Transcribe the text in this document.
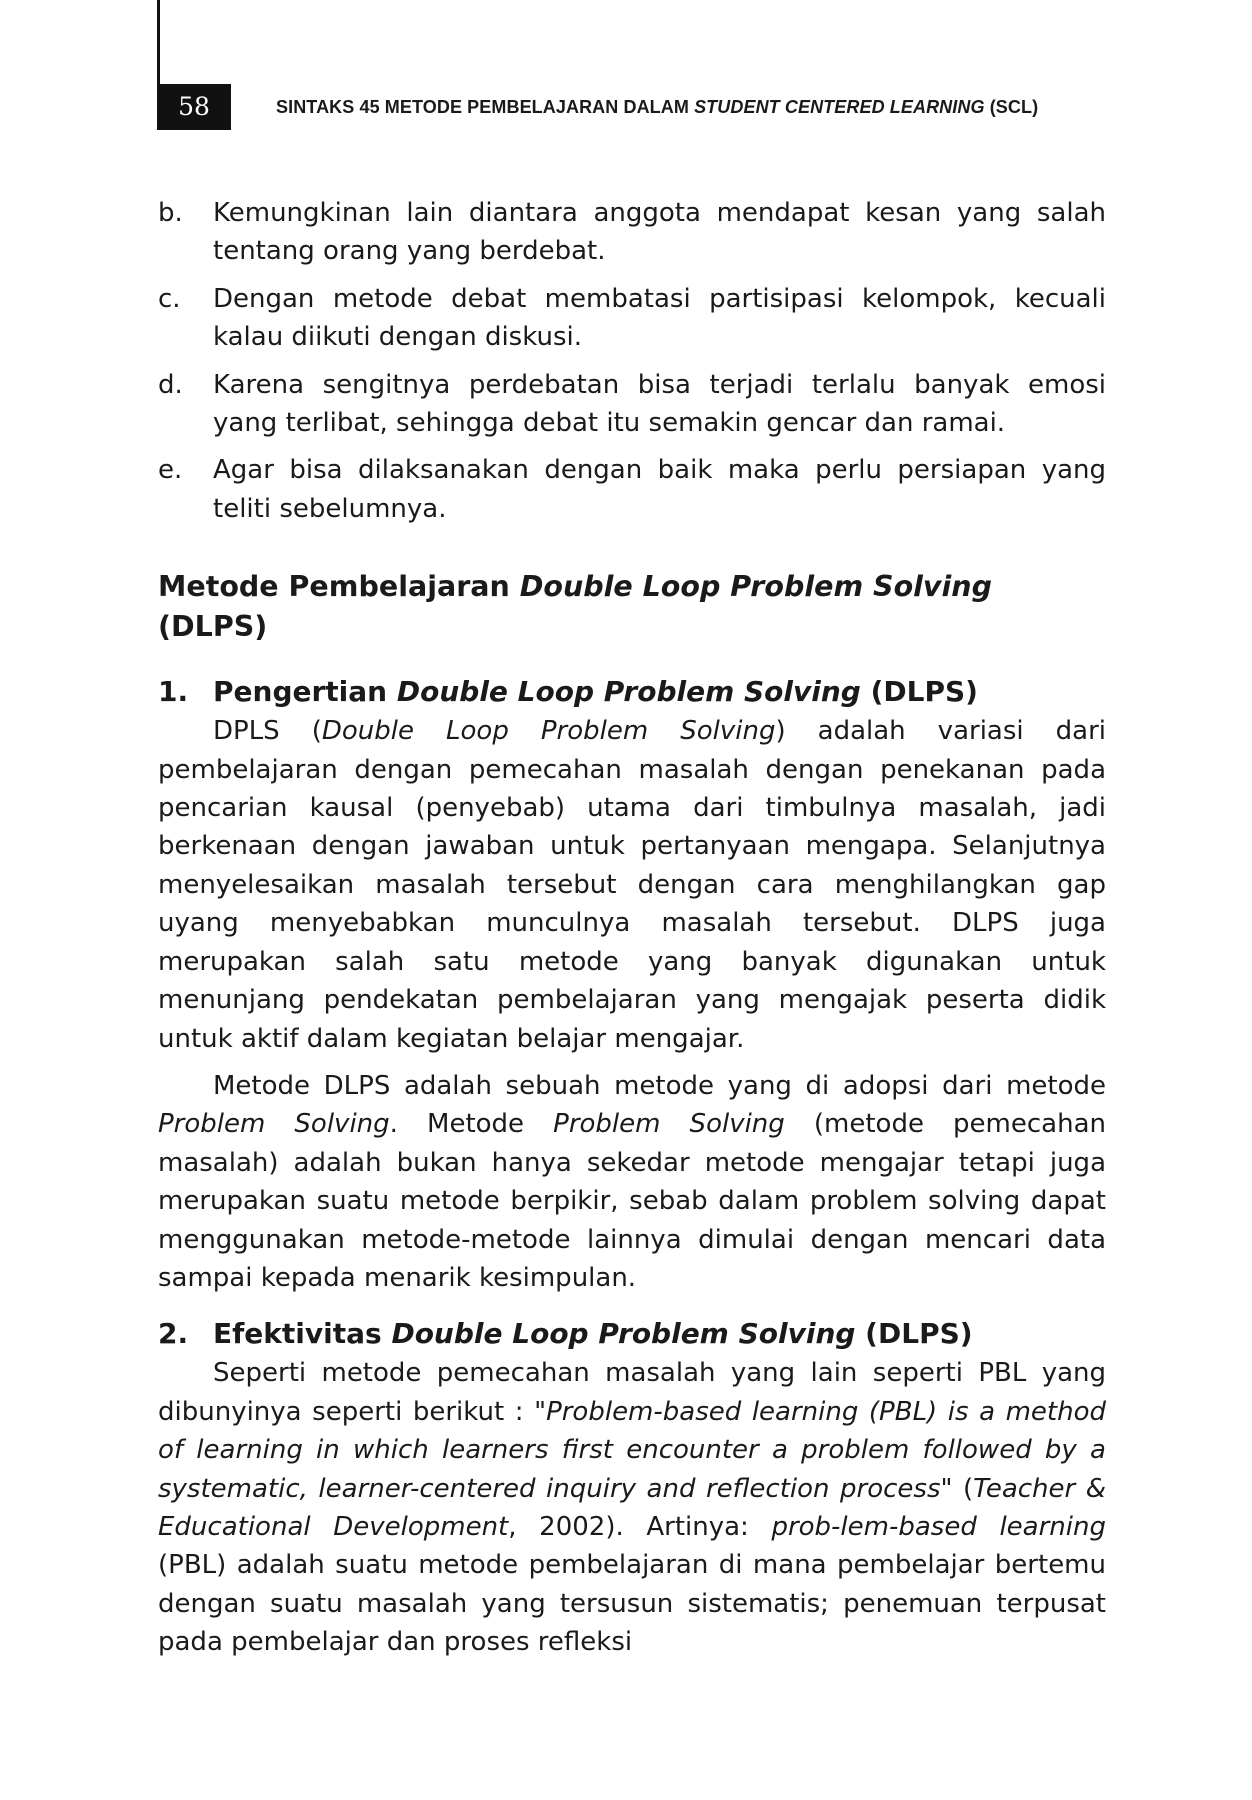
58	SINTAKS 45 METODE PEMBELAJARAN DALAM STUDENT CENTERED LEARNING (SCL)
b. Kemungkinan lain diantara anggota mendapat kesan yang salah tentang orang yang berdebat.
c. Dengan metode debat membatasi partisipasi kelompok, kecuali kalau diikuti dengan diskusi.
d. Karena sengitnya perdebatan bisa terjadi terlalu banyak emosi yang terlibat, sehingga debat itu semakin gencar dan ramai.
e. Agar bisa dilaksanakan dengan baik maka perlu persiapan yang teliti sebelumnya.
Metode Pembelajaran Double Loop Problem Solving (DLPS)
1. Pengertian Double Loop Problem Solving (DLPS)

DPLS (Double Loop Problem Solving) adalah variasi dari pembelajaran dengan pemecahan masalah dengan penekanan pada pencarian kausal (penyebab) utama dari timbulnya masalah, jadi berkenaan dengan jawaban untuk pertanyaan mengapa. Selanjutnya menyelesaikan masalah tersebut dengan cara menghilangkan gap uyang menyebabkan munculnya masalah tersebut. DLPS juga merupakan salah satu metode yang banyak digunakan untuk menunjang pendekatan pembelajaran yang mengajak peserta didik untuk aktif dalam kegiatan belajar mengajar.

Metode DLPS adalah sebuah metode yang di adopsi dari metode Problem Solving. Metode Problem Solving (metode pemecahan masalah) adalah bukan hanya sekedar metode mengajar tetapi juga merupakan suatu metode berpikir, sebab dalam problem solving dapat menggunakan metode-metode lainnya dimulai dengan mencari data sampai kepada menarik kesimpulan.

2. Efektivitas Double Loop Problem Solving (DLPS)

Seperti metode pemecahan masalah yang lain seperti PBL yang dibunyinya seperti berikut : "Problem-based learning (PBL) is a method of learning in which learners first encounter a problem followed by a systematic, learner-centered inquiry and reflection process" (Teacher & Educational Development, 2002). Artinya: prob-lem-based learning (PBL) adalah suatu metode pembelajaran di mana pembelajar bertemu dengan suatu masalah yang tersusun sistematis; penemuan terpusat pada pembelajar dan proses refleksi
